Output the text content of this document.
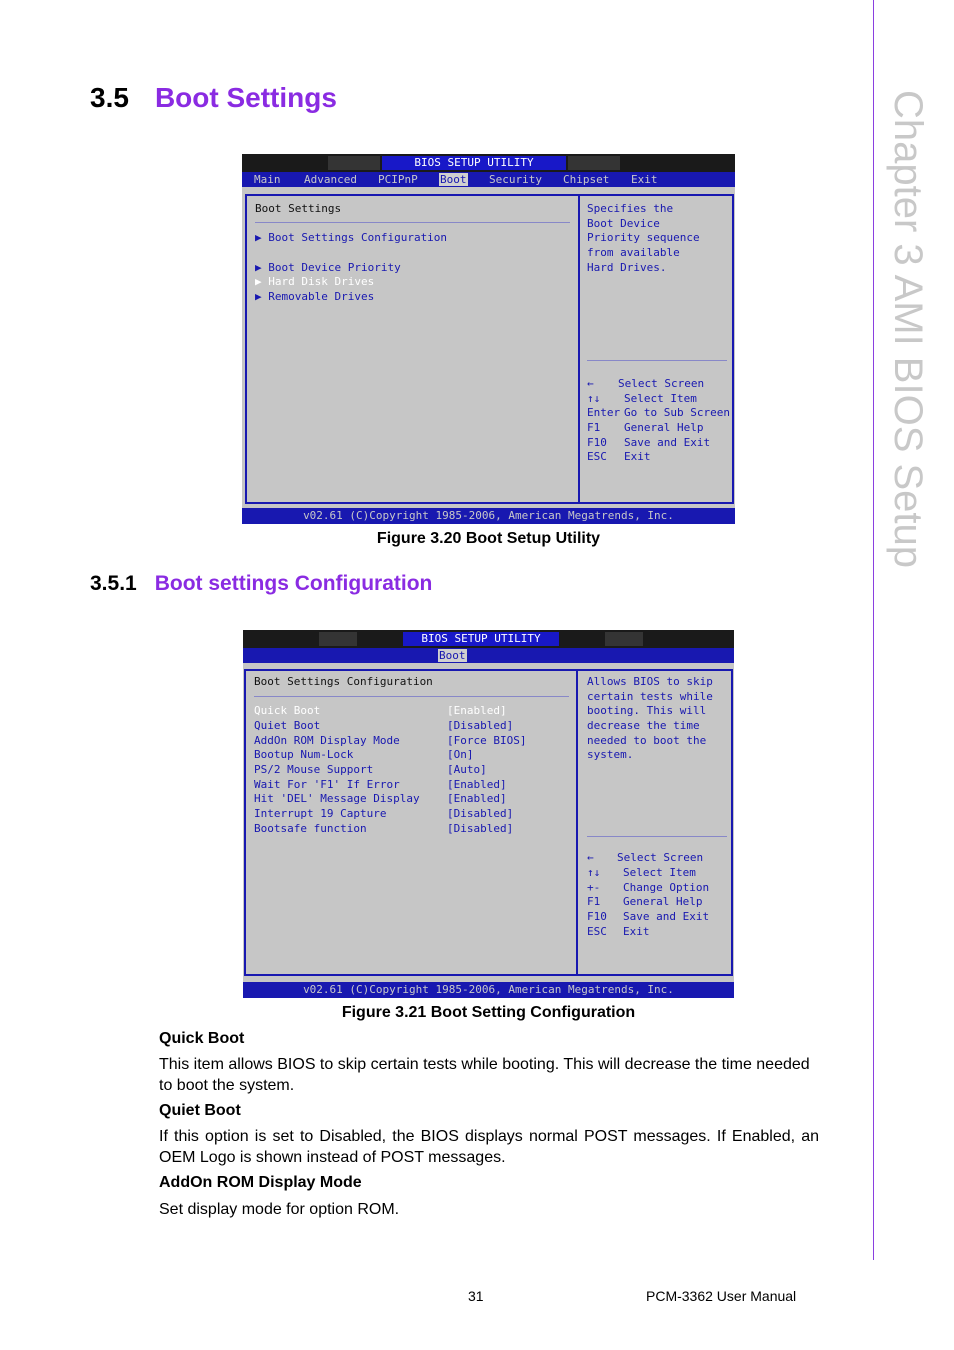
Chapter 3 AMI BIOS Setup
3.5 Boot Settings
BIOS SETUP UTILITY
Main Advanced PCIPnP Boot Security Chipset Exit
Boot Settings
▶ Boot Settings Configuration
▶ Boot Device Priority
▶ Hard Disk Drives
▶ Removable Drives
Specifies the
Boot Device
Priority sequence
from available
Hard Drives.
← Select Screen
↑↓ Select Item
Enter Go to Sub Screen
F1 General Help
F10 Save and Exit
ESC Exit
v02.61 (C)Copyright 1985-2006, American Megatrends, Inc.
Figure 3.20 Boot Setup Utility
3.5.1 Boot settings Configuration
BIOS SETUP UTILITY
Boot
Boot Settings Configuration
Quick Boot	[Enabled]
Quiet Boot	[Disabled]
AddOn ROM Display Mode	[Force BIOS]
Bootup Num-Lock	[On]
PS/2 Mouse Support	[Auto]
Wait For 'F1' If Error	[Enabled]
Hit 'DEL' Message Display [Enabled]
Interrupt 19 Capture	[Disabled]
Bootsafe function	[Disabled]
Allows BIOS to skip
certain tests while
booting. This will
decrease the time
needed to boot the
system.
← Select Screen
↑↓ Select Item
+- Change Option
F1 General Help
F10 Save and Exit
ESC Exit
v02.61 (C)Copyright 1985-2006, American Megatrends, Inc.
Figure 3.21 Boot Setting Configuration
Quick Boot
This item allows BIOS to skip certain tests while booting. This will decrease the time needed to boot the system.
Quiet Boot
If this option is set to Disabled, the BIOS displays normal POST messages. If Enabled, an OEM Logo is shown instead of POST messages.
AddOn ROM Display Mode
Set display mode for option ROM.
31	PCM-3362 User Manual
